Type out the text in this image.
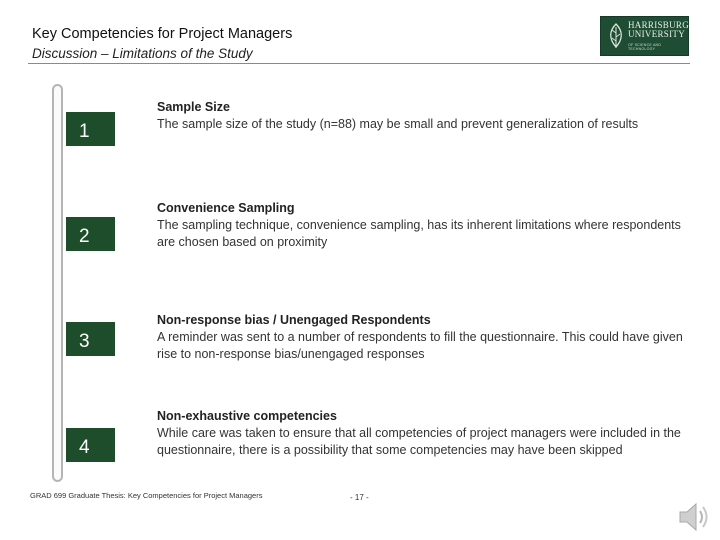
Key Competencies for Project Managers
Discussion – Limitations of the Study
HARRISBURG
UNIVERSITY
OF SCIENCE AND TECHNOLOGY
1
2
3
4
Sample Size
The sample size of the study (n=88) may be small and prevent generalization of results
Convenience Sampling
The sampling technique, convenience sampling, has its inherent limitations where respondents are chosen based on proximity
Non-response bias / Unengaged Respondents
A reminder was sent to a number of respondents to fill the questionnaire. This could have given rise to non-response bias/unengaged responses
Non-exhaustive competencies
While care was taken to ensure that all competencies of project managers were included in the questionnaire, there is a possibility that some competencies may have been skipped
GRAD 699 Graduate Thesis: Key Competencies for Project Managers	- 17 -
